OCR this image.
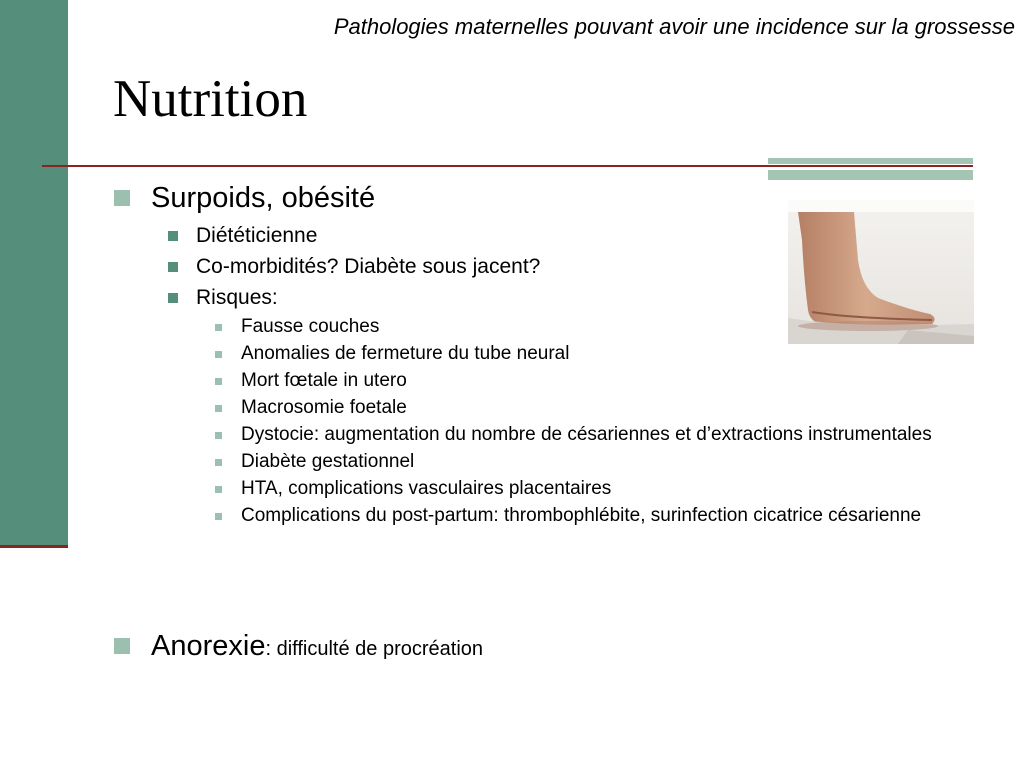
Pathologies maternelles pouvant avoir une incidence sur la grossesse
Nutrition
Surpoids, obésité
Diététicienne
Co-morbidités? Diabète sous jacent?
Risques:
Fausse couches
Anomalies de fermeture du tube neural
Mort fœtale in utero
Macrosomie foetale
Dystocie: augmentation du nombre de césariennes et d’extractions instrumentales
Diabète gestationnel
HTA, complications vasculaires placentaires
Complications du post-partum: thrombophlébite, surinfection cicatrice césarienne
Anorexie: difficulté de procréation
